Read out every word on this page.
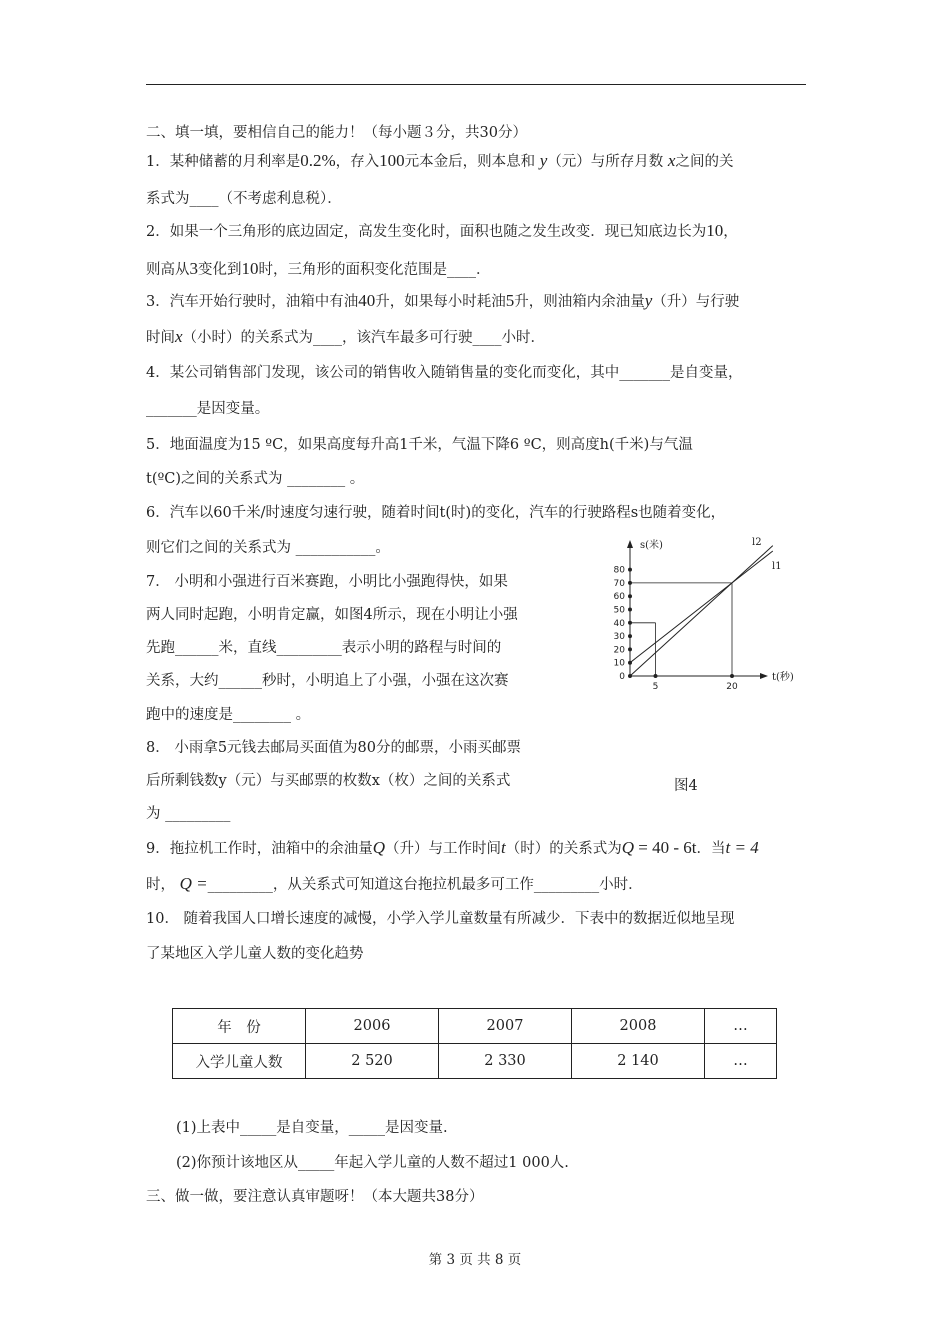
二、填一填，要相信自己的能力！（每小题３分，共30分）
1．某种储蓄的月利率是0.2%，存入100元本金后，则本息和 y（元）与所存月数 x之间的关
系式为____（不考虑利息税）．
2．如果一个三角形的底边固定，高发生变化时，面积也随之发生改变．现已知底边长为10，
则高从3变化到10时，三角形的面积变化范围是____．
3．汽车开始行驶时，油箱中有油40升，如果每小时耗油5升，则油箱内余油量y（升）与行驶
时间x（小时）的关系式为____，该汽车最多可行驶____小时．
4．某公司销售部门发现，该公司的销售收入随销售量的变化而变化，其中_______是自变量，
_______是因变量。
5．地面温度为15 ºC，如果高度每升高1千米，气温下降6 ºC，则高度h(千米)与气温
t(ºC)之间的关系式为 ________ 。
6．汽车以60千米/时速度匀速行驶，随着时间t(时)的变化，汽车的行驶路程s也随着变化，
则它们之间的关系式为 ___________。
7． 小明和小强进行百米赛跑，小明比小强跑得快，如果
两人同时起跑，小明肯定赢，如图4所示，现在小明让小强
先跑______米，直线_________表示小明的路程与时间的
关系，大约______秒时，小明追上了小强，小强在这次赛
跑中的速度是________ 。
8． 小雨拿5元钱去邮局买面值为80分的邮票，小雨买邮票
后所剩钱数y（元）与买邮票的枚数x（枚）之间的关系式
为 _________
9．拖拉机工作时，油箱中的余油量Q（升）与工作时间t（时）的关系式为Q = 40 - 6t．当t = 4
时， Q =_________，从关系式可知道这台拖拉机最多可工作_________小时．
10． 随着我国人口增长速度的减慢，小学入学儿童数量有所减少．下表中的数据近似地呈现
了某地区入学儿童人数的变化趋势
年　份	2006	2007	2008	…
入学儿童人数	2 520	2 330	2 140	…
(1)上表中_____是自变量，_____是因变量.
(2)你预计该地区从_____年起入学儿童的人数不超过1 000人.
三、做一做，要注意认真审题呀！（本大题共38分）
s(米)
t(秒)
0
10
20
30
40
50
60
70
80
5	20
l2
l1
图4
第 3 页 共 8 页
